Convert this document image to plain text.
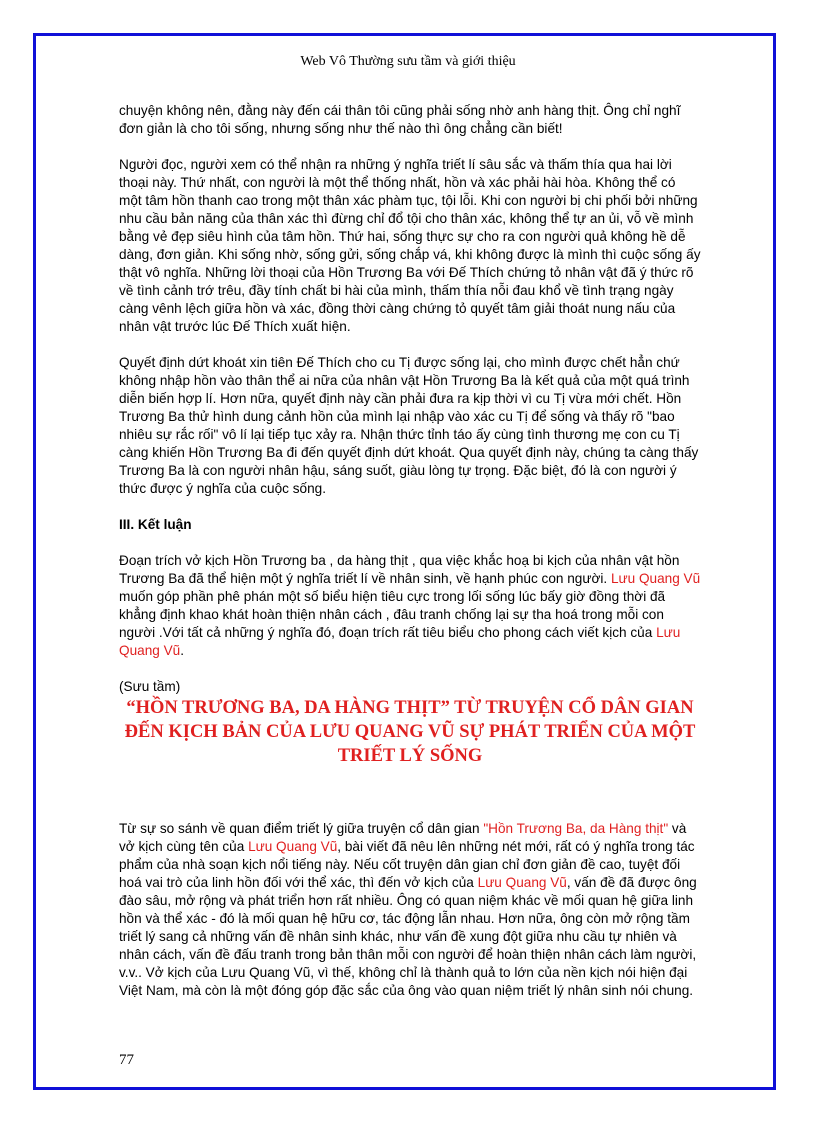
Web Vô Thường sưu tầm và giới thiệu

chuyện không nên, đằng này đến cái thân tôi cũng phải sống nhờ anh hàng thịt. Ông chỉ nghĩ đơn giản là cho tôi sống, nhưng sống như thế nào thì ông chẳng cần biết!

Người đọc, người xem có thể nhận ra những ý nghĩa triết lí sâu sắc và thấm thía qua hai lời thoại này. Thứ nhất, con người là một thể thống nhất, hồn và xác phải hài hòa. Không thể có một tâm hồn thanh cao trong một thân xác phàm tục, tội lỗi. Khi con người bị chi phối bởi những nhu cầu bản năng của thân xác thì đừng chỉ đổ tội cho thân xác, không thể tự an ủi, vỗ về mình bằng vẻ đẹp siêu hình của tâm hồn. Thứ hai, sống thực sự cho ra con người quả không hề dễ dàng, đơn giản. Khi sống nhờ, sống gửi, sống chắp vá, khi không được là mình thì cuộc sống ấy thật vô nghĩa. Những lời thoại của Hồn Trương Ba với Đế Thích chứng tỏ nhân vật đã ý thức rõ về tình cảnh trớ trêu, đầy tính chất bi hài của mình, thấm thía nỗi đau khổ về tình trạng ngày càng vênh lệch giữa hồn và xác, đồng thời càng chứng tỏ quyết tâm giải thoát nung nấu của nhân vật trước lúc Đế Thích xuất hiện.

Quyết định dứt khoát xin tiên Đế Thích cho cu Tị được sống lại, cho mình được chết hẳn chứ không nhập hồn vào thân thể ai nữa của nhân vật Hồn Trương Ba là kết quả của một quá trình diễn biến hợp lí. Hơn nữa, quyết định này cần phải đưa ra kịp thời vì cu Tị vừa mới chết. Hồn Trương Ba thử hình dung cảnh hồn của mình lại nhập vào xác cu Tị để sống và thấy rõ "bao nhiêu sự rắc rối" vô lí lại tiếp tục xảy ra. Nhận thức tỉnh táo ấy cùng tình thương mẹ con cu Tị càng khiến Hồn Trương Ba đi đến quyết định dứt khoát. Qua quyết định này, chúng ta càng thấy Trương Ba là con người nhân hậu, sáng suốt, giàu lòng tự trọng. Đặc biệt, đó là con người ý thức được ý nghĩa của cuộc sống.

III. Kết luận

Đoạn trích vở kịch Hồn Trương ba , da hàng thịt , qua việc khắc hoạ bi kịch của nhân vật hồn Trương Ba đã thể hiện một ý nghĩa triết lí về nhân sinh, về hạnh phúc con người. Lưu Quang Vũ muốn góp phần phê phán một số biểu hiện tiêu cực trong lối sống lúc bấy giờ đồng thời đã khẳng định khao khát hoàn thiện nhân cách , đâu tranh chống lại sự tha hoá trong mỗi con người .Với tất cả những ý nghĩa đó, đoạn trích rất tiêu biểu cho phong cách viết kịch của Lưu Quang Vũ.

(Sưu tầm)
“HỒN TRƯƠNG BA, DA HÀNG THỊT” TỪ TRUYỆN CỔ DÂN GIAN ĐẾN KỊCH BẢN CỦA LƯU QUANG VŨ SỰ PHÁT TRIỂN CỦA MỘT TRIẾT LÝ SỐNG

Từ sự so sánh về quan điểm triết lý giữa truyện cổ dân gian "Hồn Trương Ba, da Hàng thịt" và vở kịch cùng tên của Lưu Quang Vũ, bài viết đã nêu lên những nét mới, rất có ý nghĩa trong tác phẩm của nhà soạn kịch nổi tiếng này. Nếu cốt truyện dân gian chỉ đơn giản đề cao, tuyệt đối hoá vai trò của linh hồn đối với thể xác, thì đến vở kịch của Lưu Quang Vũ, vấn đề đã được ông đào sâu, mở rộng và phát triển hơn rất nhiều. Ông có quan niệm khác về mối quan hệ giữa linh hồn và thể xác - đó là mối quan hệ hữu cơ, tác động lẫn nhau. Hơn nữa, ông còn mở rộng tầm triết lý sang cả những vấn đề nhân sinh khác, như vấn đề xung đột giữa nhu cầu tự nhiên và nhân cách, vấn đề đấu tranh trong bản thân mỗi con người để hoàn thiện nhân cách làm người, v.v.. Vở kịch của Lưu Quang Vũ, vì thế, không chỉ là thành quả to lớn của nền kịch nói hiện đại Việt Nam, mà còn là một đóng góp đặc sắc của ông vào quan niệm triết lý nhân sinh nói chung.

77
